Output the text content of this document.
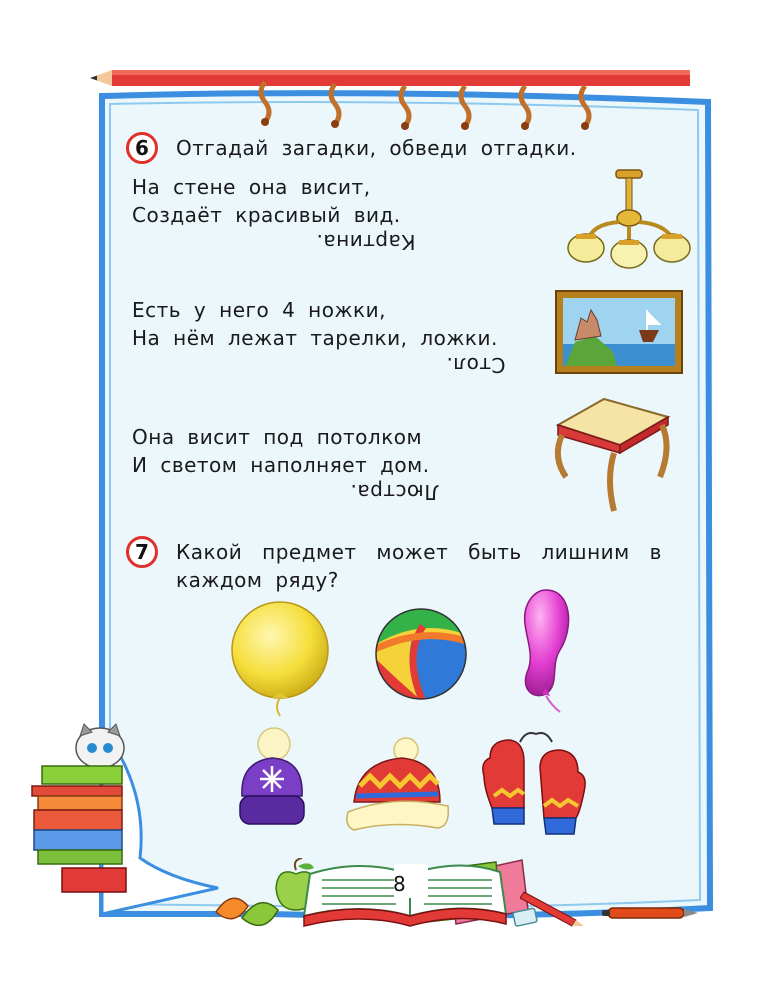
6	Отгадай загадки, обведи отгадки.
На стене она висит,
Создаёт красивый вид.
Картина.
Есть у него 4 ножки,
На нём лежат тарелки, ложки.
Стол.
Она висит под потолком
И светом наполняет дом.
Люстра.
7	Какой предмет может быть лишним в
каждом ряду?
8
